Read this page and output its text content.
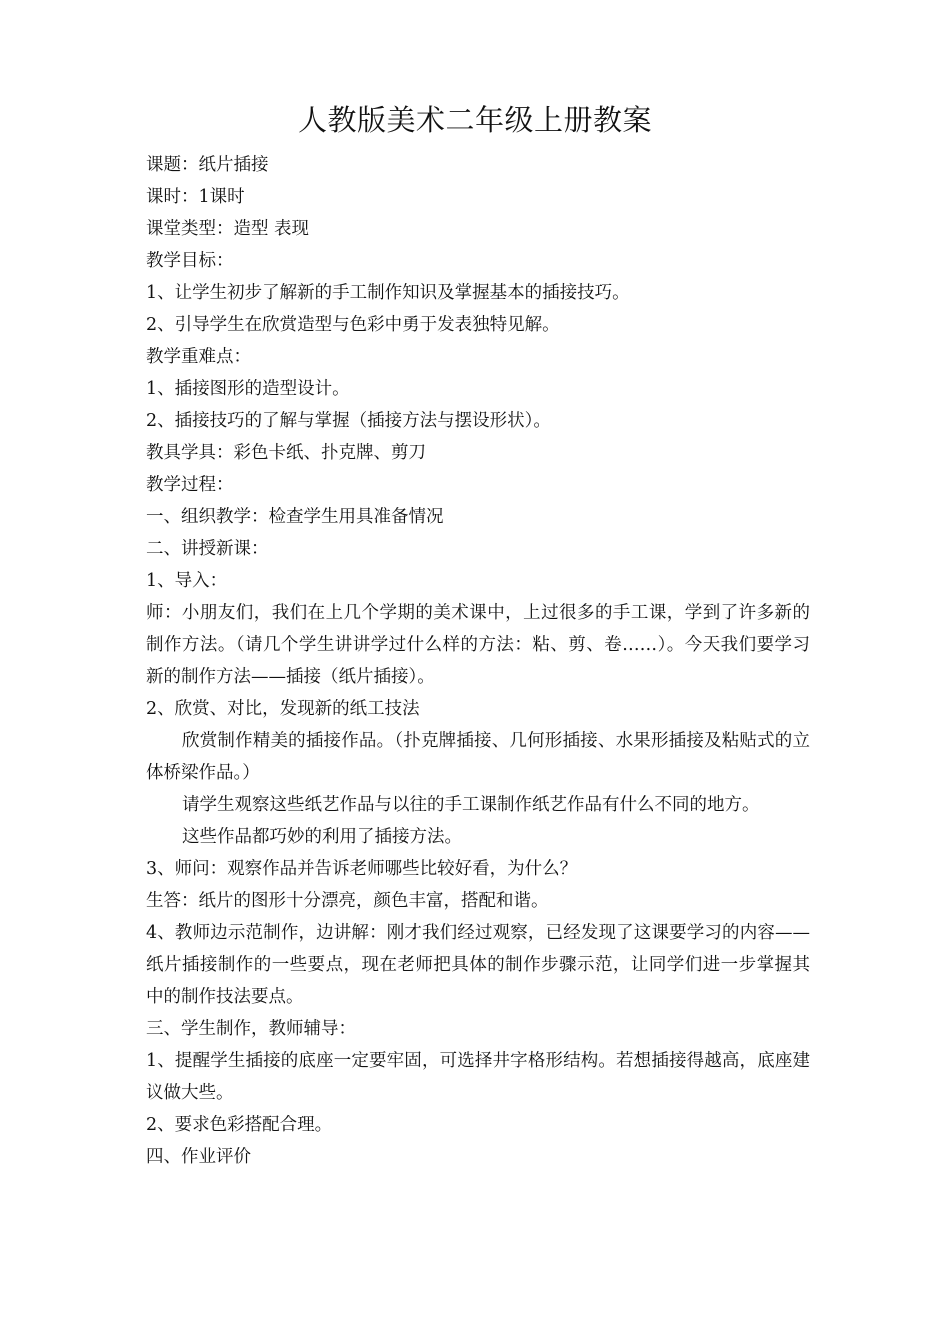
人教版美术二年级上册教案

课题：纸片插接

课时：1课时

课堂类型：造型 表现

教学目标：

1、让学生初步了解新的手工制作知识及掌握基本的插接技巧。

2、引导学生在欣赏造型与色彩中勇于发表独特见解。

教学重难点：

1、插接图形的造型设计。

2、插接技巧的了解与掌握（插接方法与摆设形状）。

教具学具：彩色卡纸、扑克牌、剪刀

教学过程：

一、组织教学：检查学生用具准备情况

二、讲授新课：

1、导入：

师：小朋友们，我们在上几个学期的美术课中，上过很多的手工课，学到了许多新的制作方法。（请几个学生讲讲学过什么样的方法：粘、剪、卷……）。今天我们要学习新的制作方法——插接（纸片插接）。

2、欣赏、对比，发现新的纸工技法

欣赏制作精美的插接作品。（扑克牌插接、几何形插接、水果形插接及粘贴式的立体桥梁作品。）

请学生观察这些纸艺作品与以往的手工课制作纸艺作品有什么不同的地方。

这些作品都巧妙的利用了插接方法。

3、师问：观察作品并告诉老师哪些比较好看，为什么？

生答：纸片的图形十分漂亮，颜色丰富，搭配和谐。

4、教师边示范制作，边讲解：刚才我们经过观察，已经发现了这课要学习的内容——纸片插接制作的一些要点，现在老师把具体的制作步骤示范，让同学们进一步掌握其中的制作技法要点。

三、学生制作，教师辅导：

1、提醒学生插接的底座一定要牢固，可选择井字格形结构。若想插接得越高，底座建议做大些。

2、要求色彩搭配合理。

四、作业评价
